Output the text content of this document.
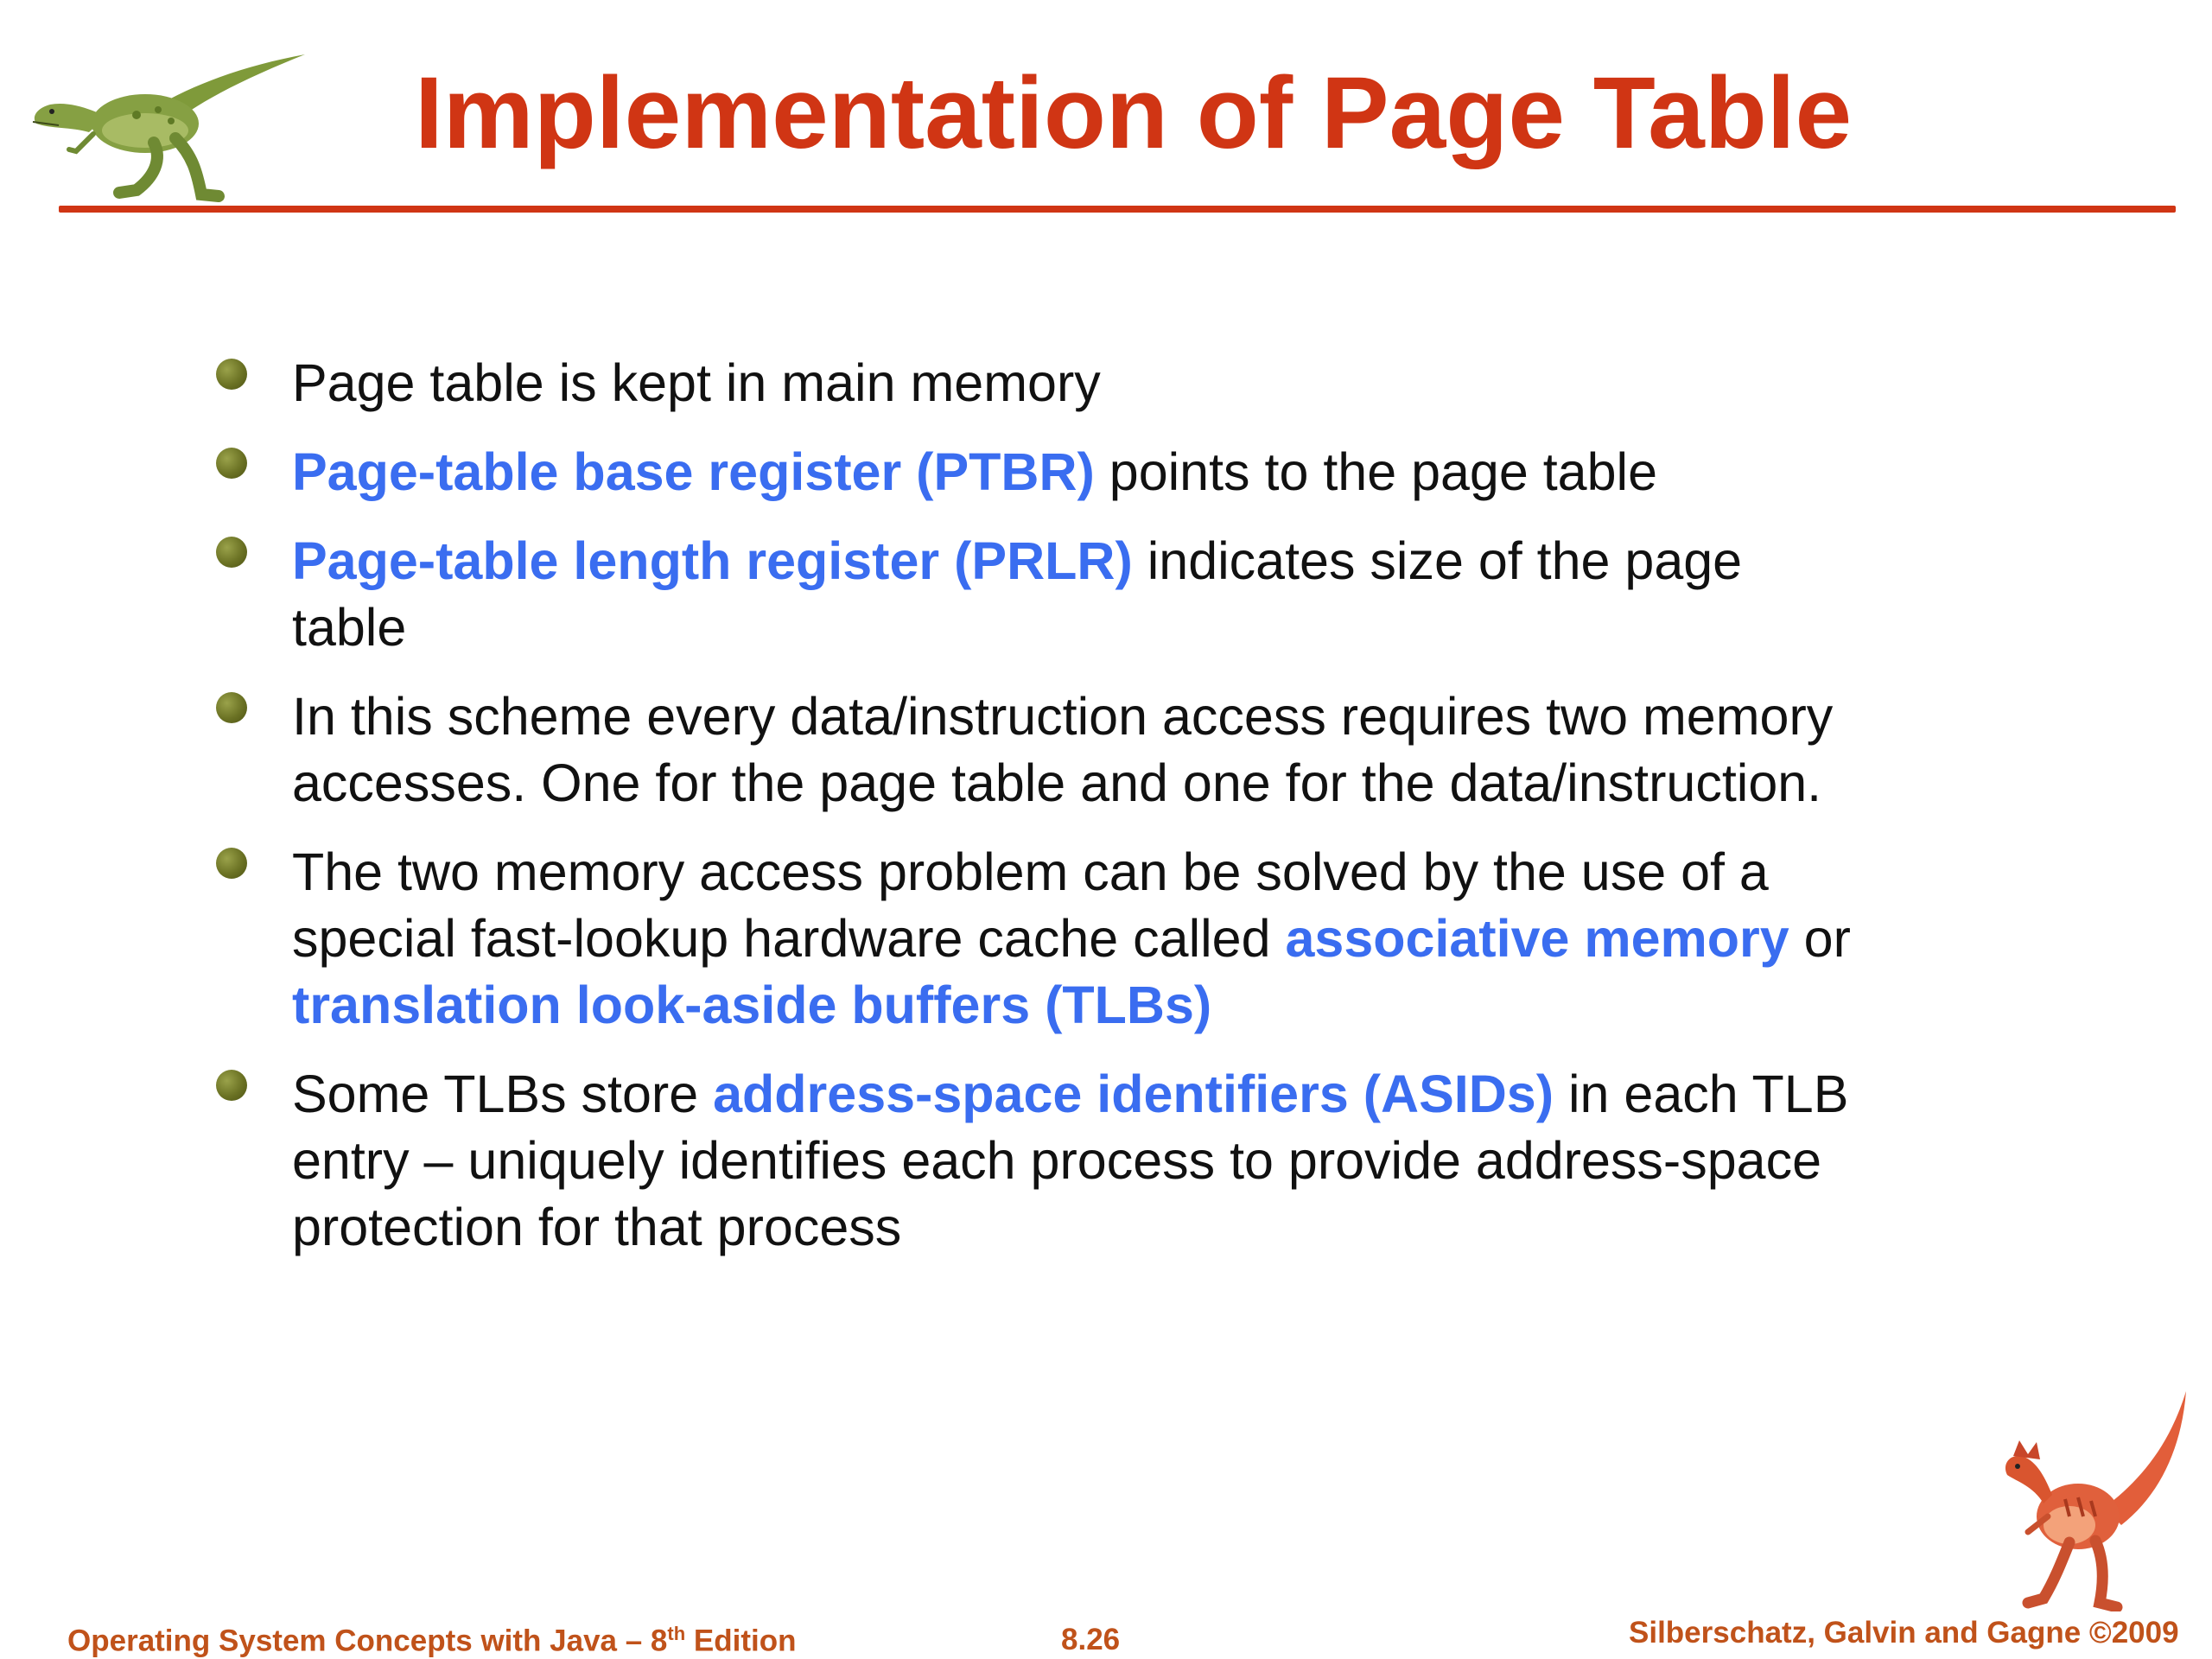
Implementation of Page Table
Page table is kept in main memory
Page-table base register (PTBR) points to the page table
Page-table length register (PRLR) indicates size of the page table
In this scheme every data/instruction access requires two memory accesses. One for the page table and one for the data/instruction.
The two memory access problem can be solved by the use of a special fast-lookup hardware cache called associative memory or translation look-aside buffers (TLBs)
Some TLBs store address-space identifiers (ASIDs) in each TLB entry – uniquely identifies each process to provide address-space protection for that process
Operating System Concepts with Java – 8th Edition	8.26	Silberschatz, Galvin and Gagne ©2009
